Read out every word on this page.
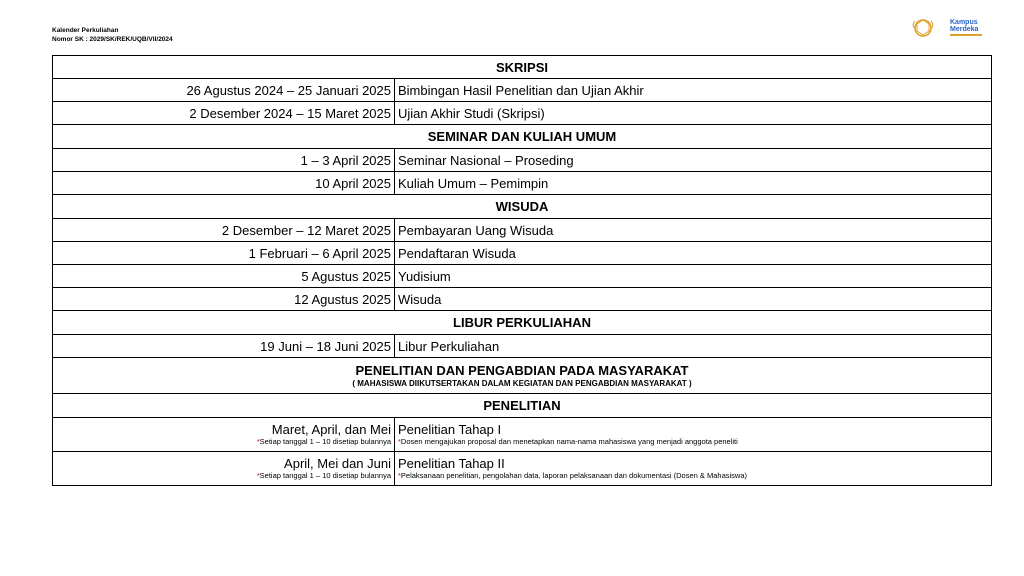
Kalender Perkuliahan
Nomor SK : 2029/SK/REK/UQB/VII/2024
Kampus
Merdeka
SKRIPSI
26 Agustus 2024 – 25 Januari 2025 Bimbingan Hasil Penelitian dan Ujian Akhir
2 Desember 2024 – 15 Maret 2025 Ujian Akhir Studi (Skripsi)
SEMINAR DAN KULIAH UMUM
1 – 3 April 2025 Seminar Nasional – Proseding
10 April 2025 Kuliah Umum – Pemimpin
WISUDA
2 Desember – 12 Maret 2025 Pembayaran Uang Wisuda
1 Februari – 6 April 2025 Pendaftaran Wisuda
5 Agustus 2025 Yudisium
12 Agustus 2025 Wisuda
LIBUR PERKULIAHAN
19 Juni – 18 Juni 2025 Libur Perkuliahan
PENELITIAN DAN PENGABDIAN PADA MASYARAKAT
( MAHASISWA DIIKUTSERTAKAN DALAM KEGIATAN DAN PENGABDIAN MASYARAKAT )
PENELITIAN
Maret, April, dan Mei
*Setiap tanggal 1 – 10 disetiap bulannya
Penelitian Tahap I
*Dosen mengajukan proposal dan menetapkan nama-nama mahasiswa yang menjadi anggota peneliti
April, Mei dan Juni
*Setiap tanggal 1 – 10 disetiap bulannya
Penelitian Tahap II
*Pelaksanaan penelitian, pengolahan data, laporan pelaksanaan dan dokumentasi (Dosen & Mahasiswa)
